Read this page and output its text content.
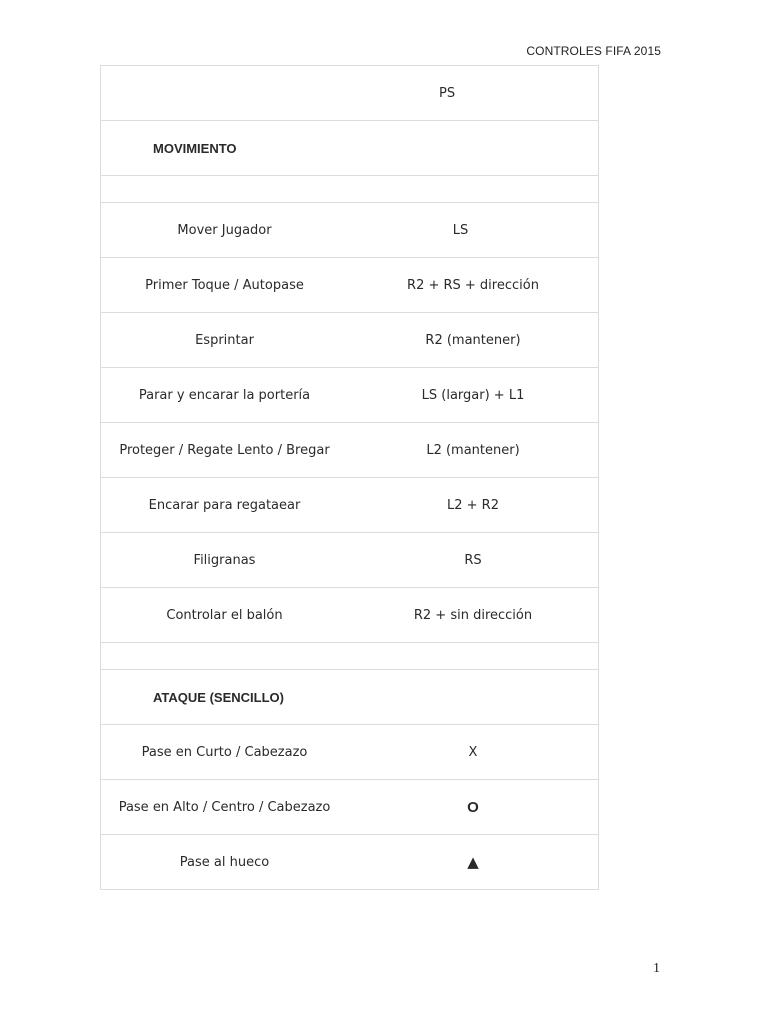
CONTROLES FIFA 2015
	PS
MOVIMIENTO	

Mover Jugador	LS
Primer Toque / Autopase	R2 + RS + dirección
Esprintar	R2 (mantener)
Parar y encarar la portería	LS (largar) + L1
Proteger / Regate Lento / Bregar	L2 (mantener)
Encarar para regataear	L2 + R2
Filigranas	RS
Controlar el balón	R2 + sin dirección

ATAQUE (SENCILLO)	
Pase en Curto / Cabezazo	X
Pase en Alto / Centro / Cabezazo	O
Pase al hueco	▲
1
